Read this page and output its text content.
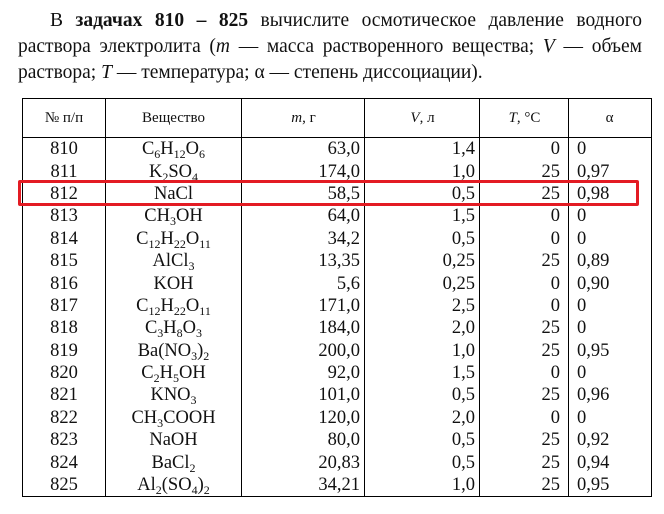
В задачах 810 – 825 вычислите осмотическое давление водного раствора электролита (m — масса растворенного вещества; V — объем раствора; T — температура; α — степень диссоциации).
№ п/п	Вещество	m, г	V, л	T, °C	α
810	$C_6H_{12}O_6$	63,0	1,4	0	0
811	$K_2SO_4$	174,0	1,0	25	0,97
812	NaCl	58,5	0,5	25	0,98
813	$CH_3OH$	64,0	1,5	0	0
814	$C_{12}H_{22}O_{11}$	34,2	0,5	0	0
815	AlCl$_3$	13,35	0,25	25	0,89
816	KOH	5,6	0,25	0	0,90
817	$C_{12}H_{22}O_{11}$	171,0	2,5	0	0
818	$C_3H_8O_3$	184,0	2,0	25	0
819	$Ba(NO_3)_2$	200,0	1,0	25	0,95
820	$C_2H_5OH$	92,0	1,5	0	0
821	$KNO_3$	101,0	0,5	25	0,96
822	$CH_3COOH$	120,0	2,0	0	0
823	NaOH	80,0	0,5	25	0,92
824	BaCl$_2$	20,83	0,5	25	0,94
825	$Al_2(SO_4)_2$	34,21	1,0	25	0,95
